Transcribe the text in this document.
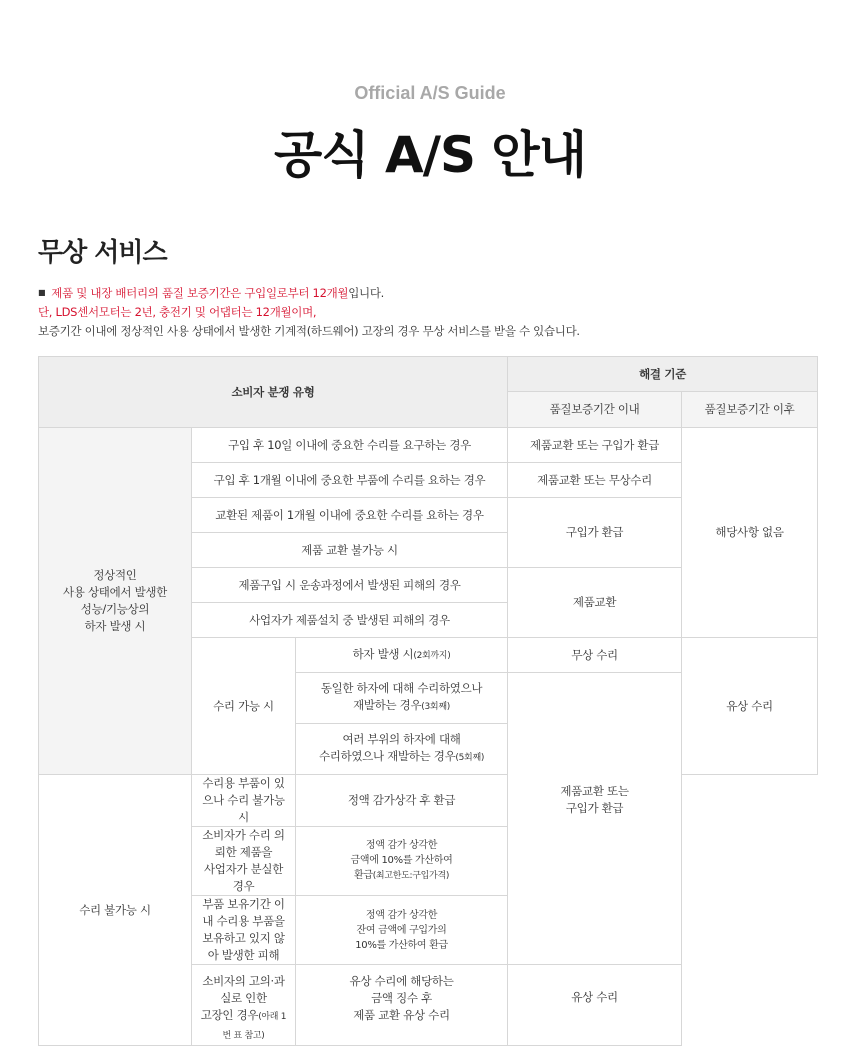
Official A/S Guide
공식 A/S 안내
무상 서비스
■ 제품 및 내장 배터리의 품질 보증기간은 구입일로부터 12개월입니다.
단, LDS센서모터는 2년, 충전기 및 어댑터는 12개월이며,
보증기간 이내에 정상적인 사용 상태에서 발생한 기계적(하드웨어) 고장의 경우 무상 서비스를 받을 수 있습니다.
소비자 분쟁 유형			해결 기준	
			품질보증기간 이내	품질보증기간 이후
정상적인
사용 상태에서 발생한
성능/기능상의
하자 발생 시	구입 후 10일 이내에 중요한 수리를 요구하는 경우		제품교환 또는 구입가 환급	해당사항 없음
	구입 후 1개월 이내에 중요한 부품에 수리를 요하는 경우		제품교환 또는 무상수리	
	교환된 제품이 1개월 이내에 중요한 수리를 요하는 경우		구입가 환급	
	제품 교환 불가능 시			
	제품구입 시 운송과정에서 발생된 피해의 경우		제품교환	
	사업자가 제품설치 중 발생된 피해의 경우			
	수리 가능 시	하자 발생 시(2회까지)	무상 수리	유상 수리
		동일한 하자에 대해 수리하였으나
재발하는 경우(3회째)	제품교환 또는
구입가 환급	
		여러 부위의 하자에 대해
수리하였으나 재발하는 경우(5회째)		
수리 불가능 시	수리용 부품이 있으나 수리 불가능 시	정액 감가상각 후 환급		
	소비자가 수리 의뢰한 제품을
사업자가 분실한 경우	정액 감가 상각한
금액에 10%를 가산하여
환급(최고한도:구입가격)		
	부품 보유기간 이내 수리용 부품을
보유하고 있지 않아 발생한 피해	정액 감가 상각한
잔여 금액에 구입가의
10%를 가산하여 환급		
	소비자의 고의·과실로 인한
고장인 경우(아래 1번 표 참고)	유상 수리에 해당하는
금액 징수 후
제품 교환 유상 수리	유상 수리	
